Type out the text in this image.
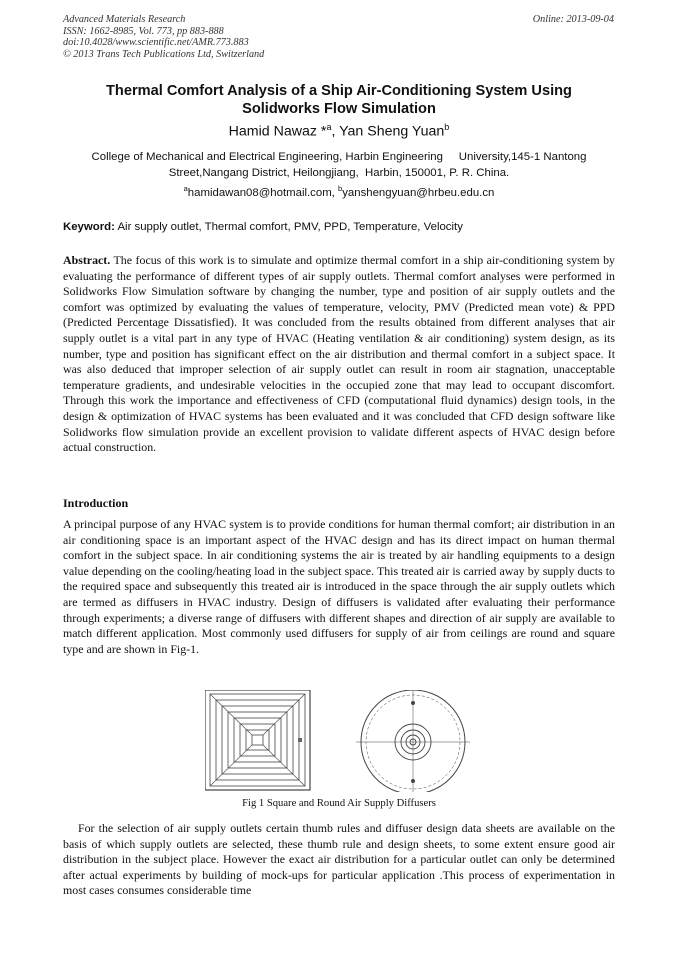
Advanced Materials Research
ISSN: 1662-8985, Vol. 773, pp 883-888
doi:10.4028/www.scientific.net/AMR.773.883
© 2013 Trans Tech Publications Ltd, Switzerland
Online: 2013-09-04
Thermal Comfort Analysis of a Ship Air-Conditioning System Using
Solidworks Flow Simulation
Hamid Nawaz *$^a$, Yan Sheng Yuan$^b$
College of Mechanical and Electrical Engineering, Harbin Engineering     University,145-1 Nantong
Street,Nangang District, Heilongjiang,  Harbin, 150001, P. R. China.
$^a$hamidawan08@hotmail.com, $^b$yanshengyuan@hrbeu.edu.cn
Keyword: Air supply outlet, Thermal comfort, PMV, PPD, Temperature, Velocity
Abstract. The focus of this work is to simulate and optimize thermal comfort in a ship air-conditioning system by evaluating the performance of different types of air supply outlets. Thermal comfort analyses were performed in Solidworks Flow Simulation software by changing the number, type and position of air supply outlets and the comfort was optimized by evaluating the values of temperature, velocity, PMV (Predicted mean vote) & PPD (Predicted Percentage Dissatisfied). It was concluded from the results obtained from different analyses that air supply outlet is a vital part in any type of HVAC (Heating ventilation & air conditioning) system design, as its number, type and position has significant effect on the air distribution and thermal comfort in a subject space. It was also deduced that improper selection of air supply outlet can result in room air stagnation, unacceptable temperature gradients, and undesirable velocities in the occupied zone that may lead to occupant discomfort. Through this work the importance and effectiveness of CFD (computational fluid dynamics) design tools, in the design & optimization of HVAC systems has been evaluated and it was concluded that CFD design software like Solidworks flow simulation provide an excellent provision to validate different aspects of HVAC design before actual construction.
Introduction
A principal purpose of any HVAC system is to provide conditions for human thermal comfort; air distribution in an air conditioning space is an important aspect of the HVAC design and has its direct impact on human thermal comfort in the subject space. In air conditioning systems the air is treated by air handling equipments to a design value depending on the cooling/heating load in the subject space. This treated air is carried away by supply ducts to the required space and subsequently this treated air is introduced in the space through the air supply outlets which are termed as diffusers in HVAC industry. Design of diffusers is validated after evaluating their performance through experiments; a diverse range of diffusers with different shapes and direction of air supply are available to match different application. Most commonly used diffusers for supply of air from ceilings are round and square type and are shown in Fig-1.
Fig 1 Square and Round Air Supply Diffusers
For the selection of air supply outlets certain thumb rules and diffuser design data sheets are available on the basis of which supply outlets are selected, these thumb rule and design sheets, to some extent ensure good air distribution in the subject place. However the exact air distribution for a particular outlet can only be determined after actual experiments by building of mock-ups for particular application .This process of experimentation in most cases consumes considerable time
